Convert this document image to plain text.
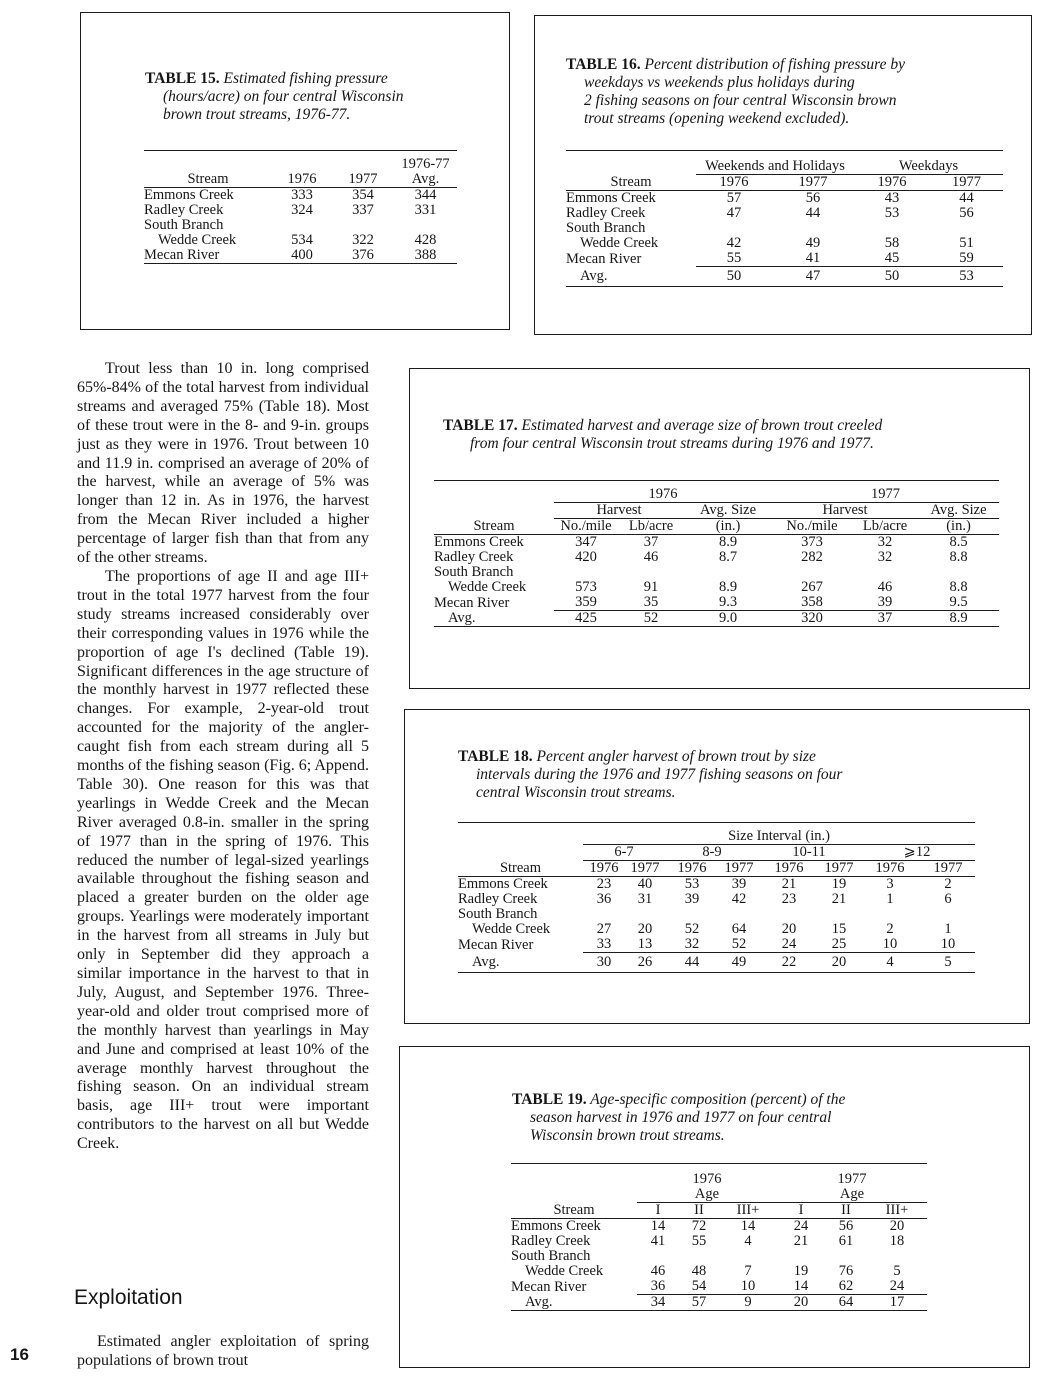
TABLE 15. Estimated fishing pressure
(hours/acre) on four central Wisconsin
brown trout streams, 1976-77.
			1976-77
Stream	1976	1977	Avg.
Emmons Creek	333	354	344
Radley Creek	324	337	331
South Branch			
Wedde Creek	534	322	428
Mecan River	400	376	388
TABLE 16. Percent distribution of fishing pressure by
weekdays vs weekends plus holidays during
2 fishing seasons on four central Wisconsin brown
trout streams (opening weekend excluded).
	Weekends and Holidays		Weekdays	
Stream	1976	1977	1976	1977
Emmons Creek	57	56	43	44
Radley Creek	47	44	53	56
South Branch				
Wedde Creek	42	49	58	51
Mecan River	55	41	45	59
Avg.	50	47	50	53

Trout less than 10 in. long comprised 65%-84% of the total harvest from individual streams and averaged 75% (Table 18). Most of these trout were in the 8- and 9-in. groups just as they were in 1976. Trout between 10 and 11.9 in. comprised an average of 20% of the harvest, while an average of 5% was longer than 12 in. As in 1976, the harvest from the Mecan River included a higher percentage of larger fish than that from any of the other streams.

The proportions of age II and age III+ trout in the total 1977 harvest from the four study streams increased considerably over their corresponding values in 1976 while the proportion of age I's declined (Table 19). Significant differences in the age structure of the monthly harvest in 1977 reflected these changes. For example, 2-year-old trout accounted for the majority of the angler-caught fish from each stream during all 5 months of the fishing season (Fig. 6; Append. Table 30). One reason for this was that yearlings in Wedde Creek and the Mecan River averaged 0.8-in. smaller in the spring of 1977 than in the spring of 1976. This reduced the number of legal-sized yearlings available throughout the fishing season and placed a greater burden on the older age groups. Yearlings were moderately important in the harvest from all streams in July but only in September did they approach a similar importance in the harvest to that in July, August, and September 1976. Three-year-old and older trout comprised more of the monthly harvest than yearlings in May and June and comprised at least 10% of the average monthly harvest throughout the fishing season. On an individual stream basis, age III+ trout were important contributors to the harvest on all but Wedde Creek.

Exploitation

Estimated angler exploitation of spring populations of brown trout

16
TABLE 17. Estimated harvest and average size of brown trout creeled
from four central Wisconsin trout streams during 1976 and 1977.
	1976			1977		
	Harvest		Avg. Size	Harvest		Avg. Size
Stream	No./mile	Lb/acre	(in.)	No./mile	Lb/acre	(in.)
Emmons Creek	347	37	8.9	373	32	8.5
Radley Creek	420	46	8.7	282	32	8.8
South Branch						
Wedde Creek	573	91	8.9	267	46	8.8
Mecan River	359	35	9.3	358	39	9.5
Avg.	425	52	9.0	320	37	8.9
TABLE 18. Percent angler harvest of brown trout by size
intervals during the 1976 and 1977 fishing seasons on four
central Wisconsin trout streams.
	Size Interval (in.)							
	6-7		8-9		10-11		⩾12	
Stream	1976	1977	1976	1977	1976	1977	1976	1977
Emmons Creek	23	40	53	39	21	19	3	2
Radley Creek	36	31	39	42	23	21	1	6
South Branch								
Wedde Creek	27	20	52	64	20	15	2	1
Mecan River	33	13	32	52	24	25	10	10
Avg.	30	26	44	49	22	20	4	5
TABLE 19. Age-specific composition (percent) of the
season harvest in 1976 and 1977 on four central
Wisconsin brown trout streams.
	1976			1977		
	Age			Age		
Stream	I	II	III+	I	II	III+
Emmons Creek	14	72	14	24	56	20
Radley Creek	41	55	4	21	61	18
South Branch						
Wedde Creek	46	48	7	19	76	5
Mecan River	36	54	10	14	62	24
Avg.	34	57	9	20	64	17
